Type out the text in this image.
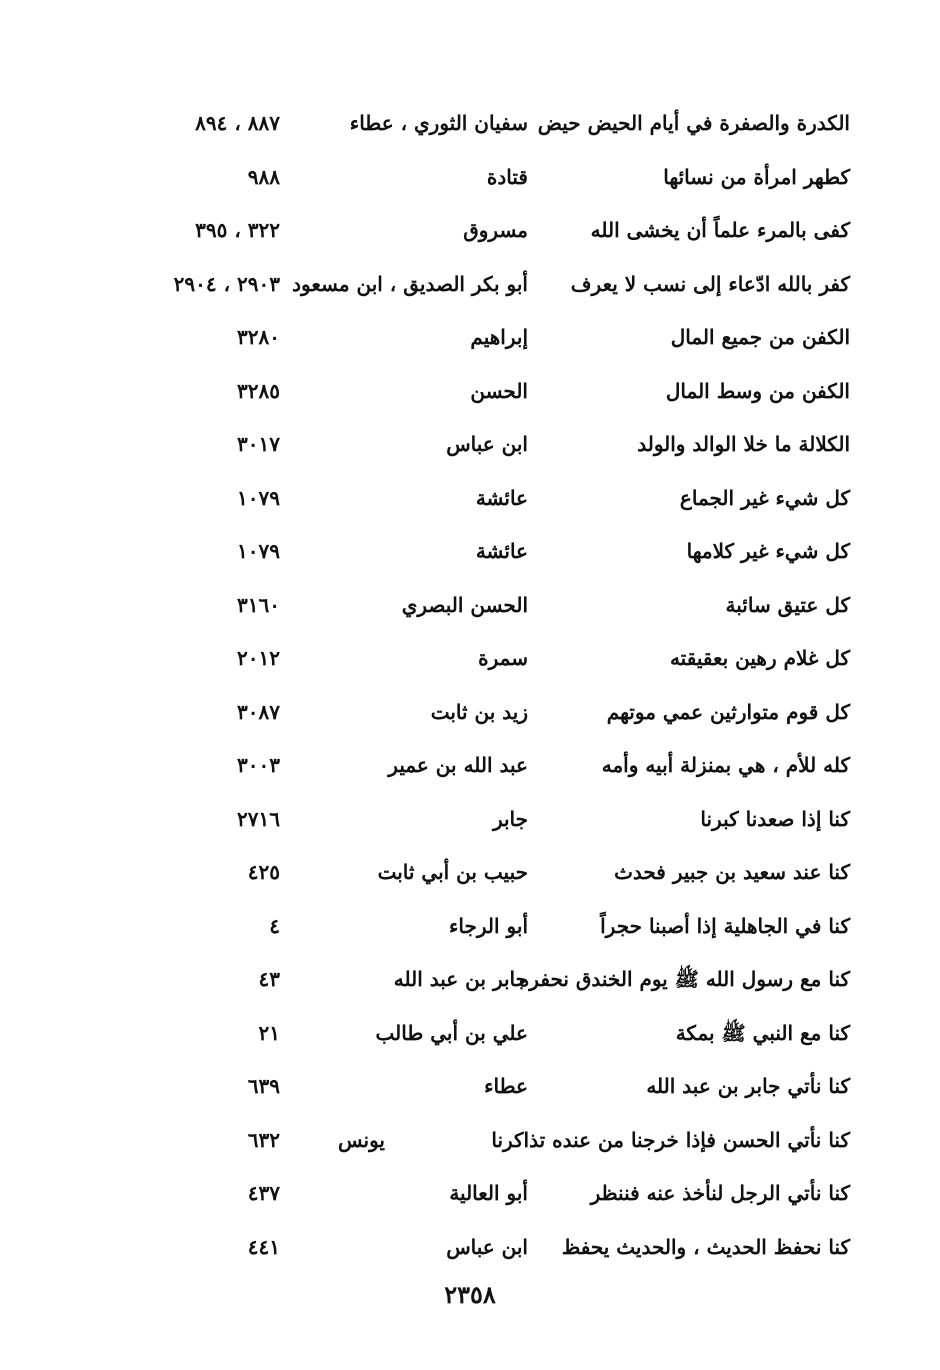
الكدرة والصفرة في أيام الحيض حيض
سفيان الثوري ، عطاء
٨٨٧ ، ٨٩٤
كطهر امرأة من نسائها
قتادة
٩٨٨
كفى بالمرء علماً أن يخشى الله
مسروق
٣٢٢ ، ٣٩٥
كفر بالله ادّعاء إلى نسب لا يعرف
أبو بكر الصديق ، ابن مسعود
٢٩٠٣ ، ٢٩٠٤
الكفن من جميع المال
إبراهيم
٣٢٨٠
الكفن من وسط المال
الحسن
٣٢٨٥
الكلالة ما خلا الوالد والولد
ابن عباس
٣٠١٧
كل شيء غير الجماع
عائشة
١٠٧٩
كل شيء غير كلامها
عائشة
١٠٧٩
كل عتيق سائبة
الحسن البصري
٣١٦٠
كل غلام رهين بعقيقته
سمرة
٢٠١٢
كل قوم متوارثين عمي موتهم
زيد بن ثابت
٣٠٨٧
كله للأم ، هي بمنزلة أبيه وأمه
عبد الله بن عمير
٣٠٠٣
كنا إذا صعدنا كبرنا
جابر
٢٧١٦
كنا عند سعيد بن جبير فحدث
حبيب بن أبي ثابت
٤٢٥
كنا في الجاهلية إذا أصبنا حجراً
أبو الرجاء
٤
كنا مع رسول الله ﷺ يوم الخندق نحفره
جابر بن عبد الله
٤٣
كنا مع النبي ﷺ بمكة
علي بن أبي طالب
٢١
كنا نأتي جابر بن عبد الله
عطاء
٦٣٩
كنا نأتي الحسن فإذا خرجنا من عنده تذاكرنا
يونس
٦٣٢
كنا نأتي الرجل لنأخذ عنه فننظر
أبو العالية
٤٣٧
كنا نحفظ الحديث ، والحديث يحفظ
ابن عباس
٤٤١
٢٣٥٨
